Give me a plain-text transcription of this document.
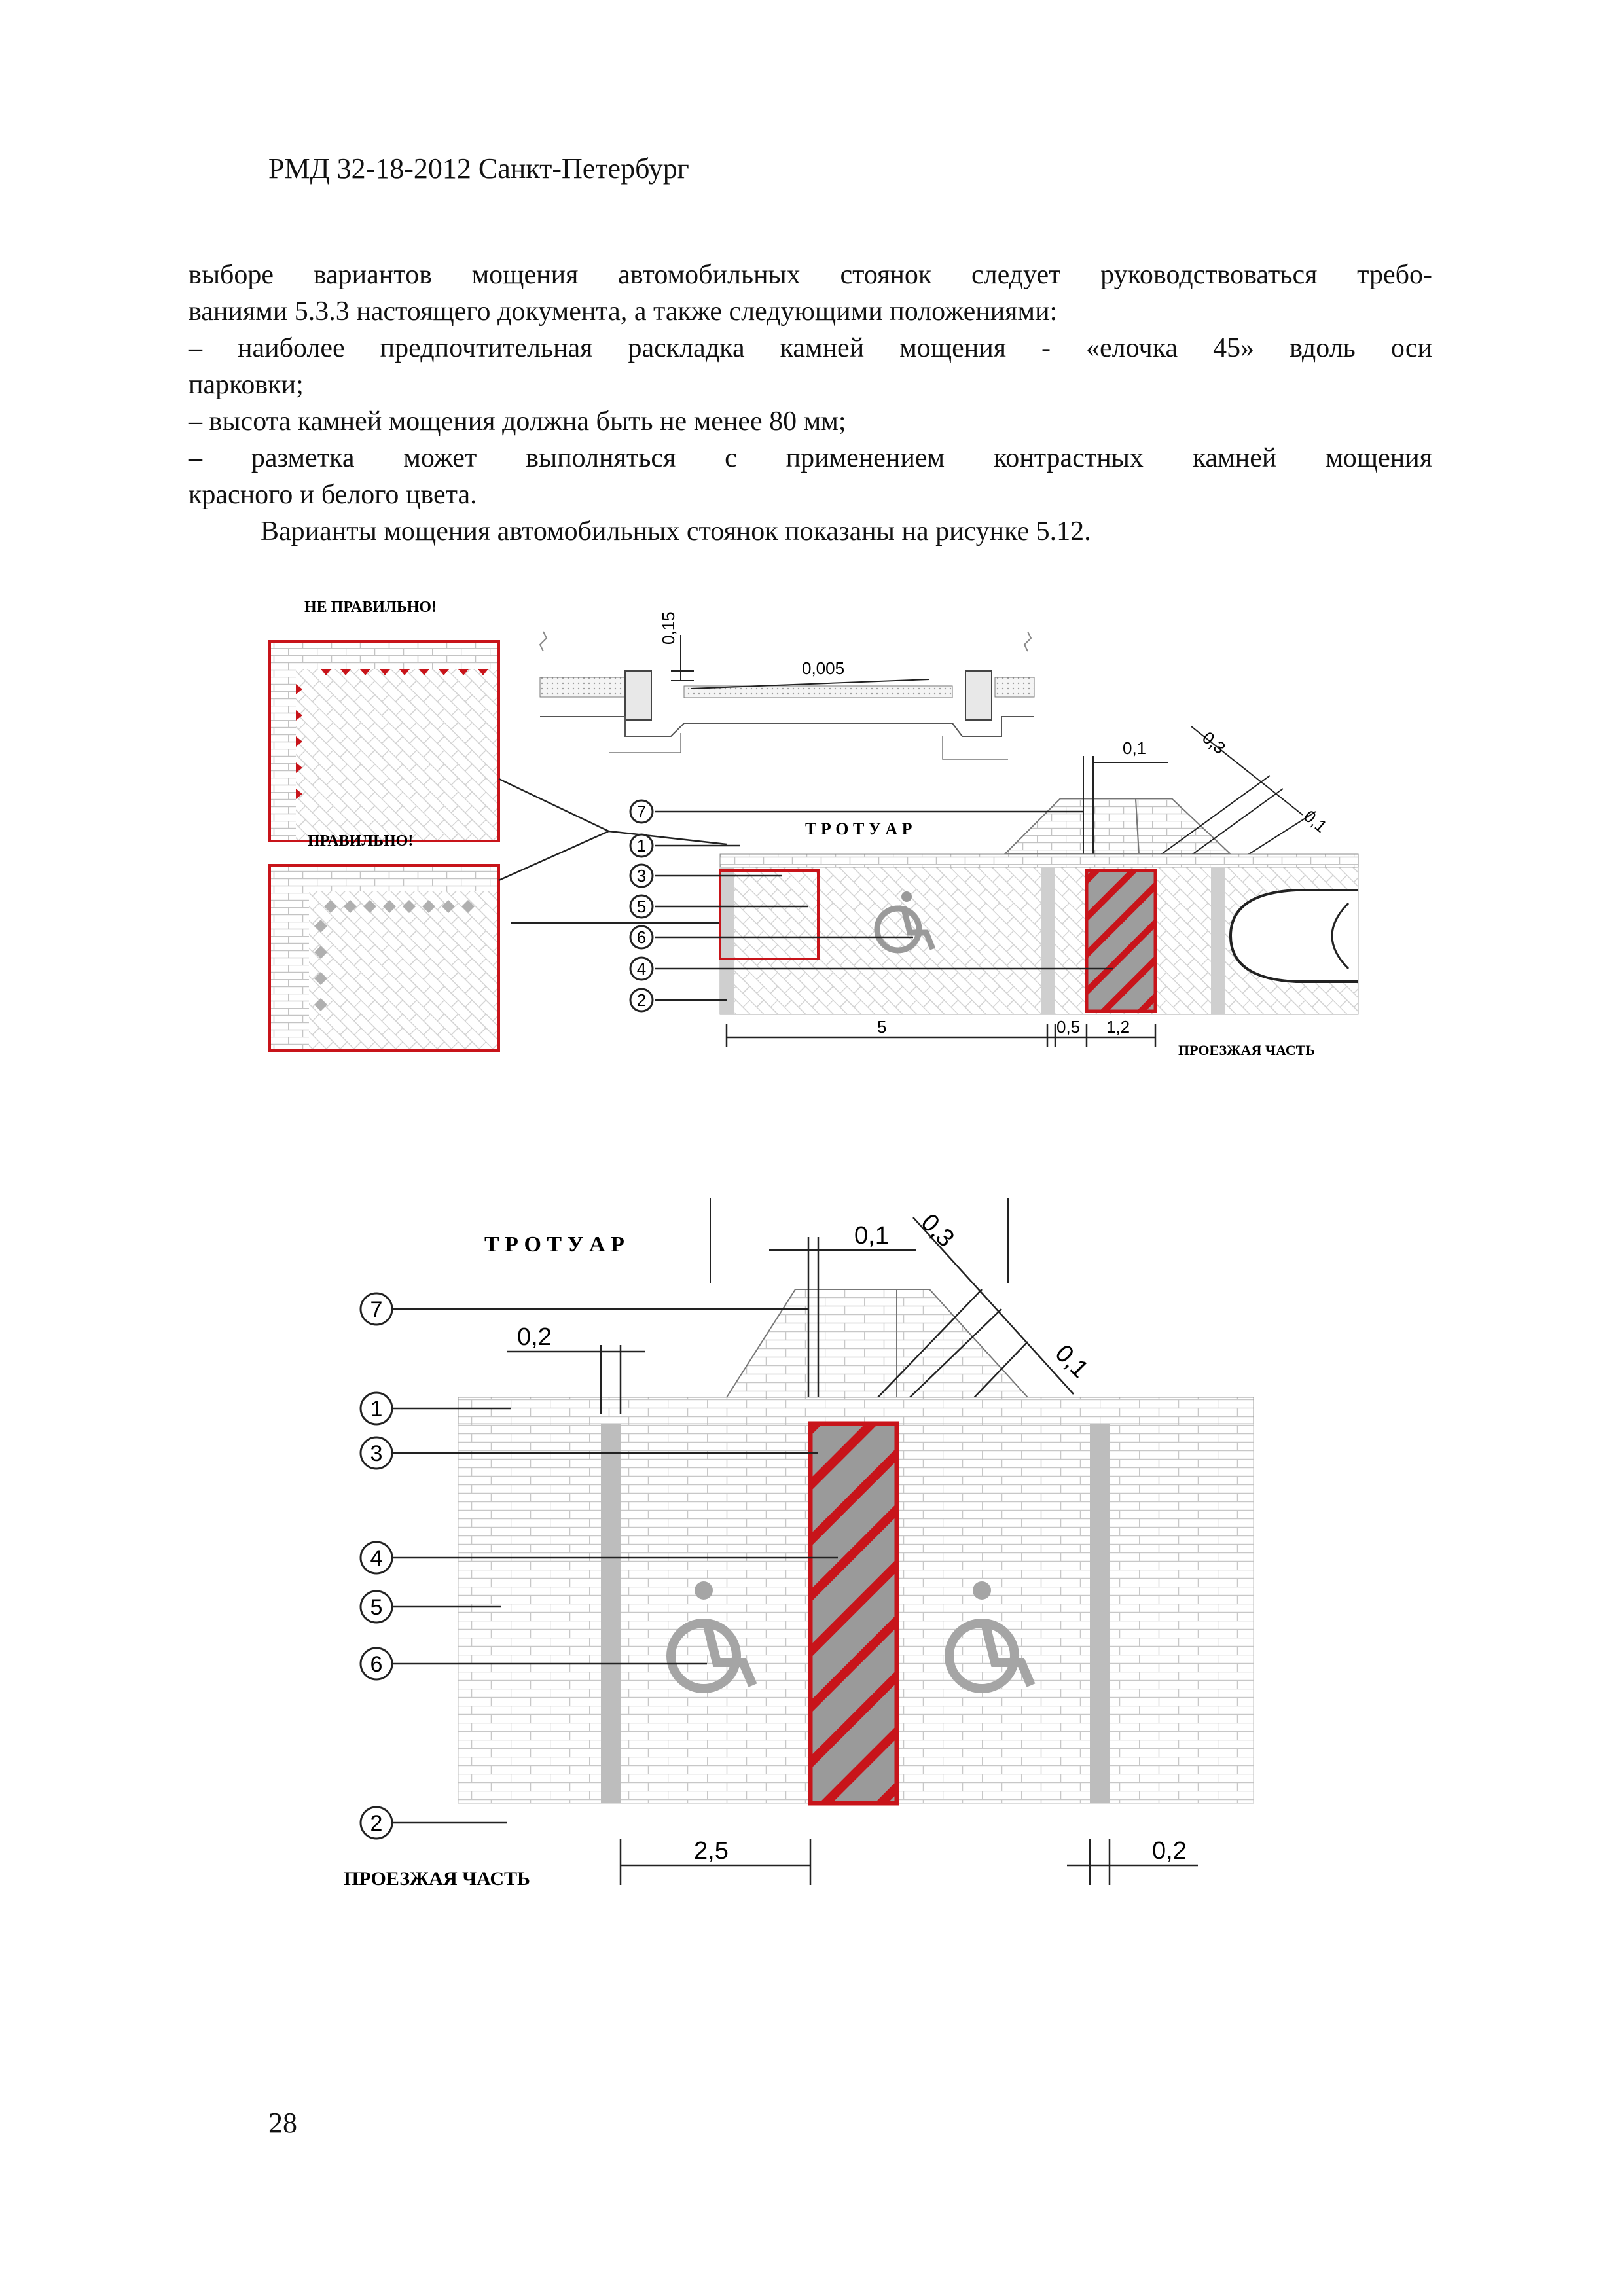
РМД 32-18-2012 Санкт-Петербург
выборе вариантов мощения автомобильных стоянок следует руководствоваться требо-
ваниями 5.3.3 настоящего документа, а также следующими положениями:
– наиболее предпочтительная раскладка камней мощения - «елочка 45» вдоль оси
парковки;
– высота камней мощения должна быть не менее 80 мм;
– разметка может выполняться с применением контрастных камней мощения
красного и белого цвета.
Варианты мощения автомобильных стоянок показаны на рисунке 5.12.
НЕ ПРАВИЛЬНО!
ПРАВИЛЬНО!
0,15
0,005
0,1	0,3
0,1
Т Р О Т У А Р
7
1
3
5
6
4
2
5	0,5 1,2
ПРОЕЗЖАЯ ЧАСТЬ
Т Р О Т У А Р	0,1 0,3
0,1
0,2
7
1
3
4
5
6
2
2,5	0,2
ПРОЕЗЖАЯ ЧАСТЬ
28
